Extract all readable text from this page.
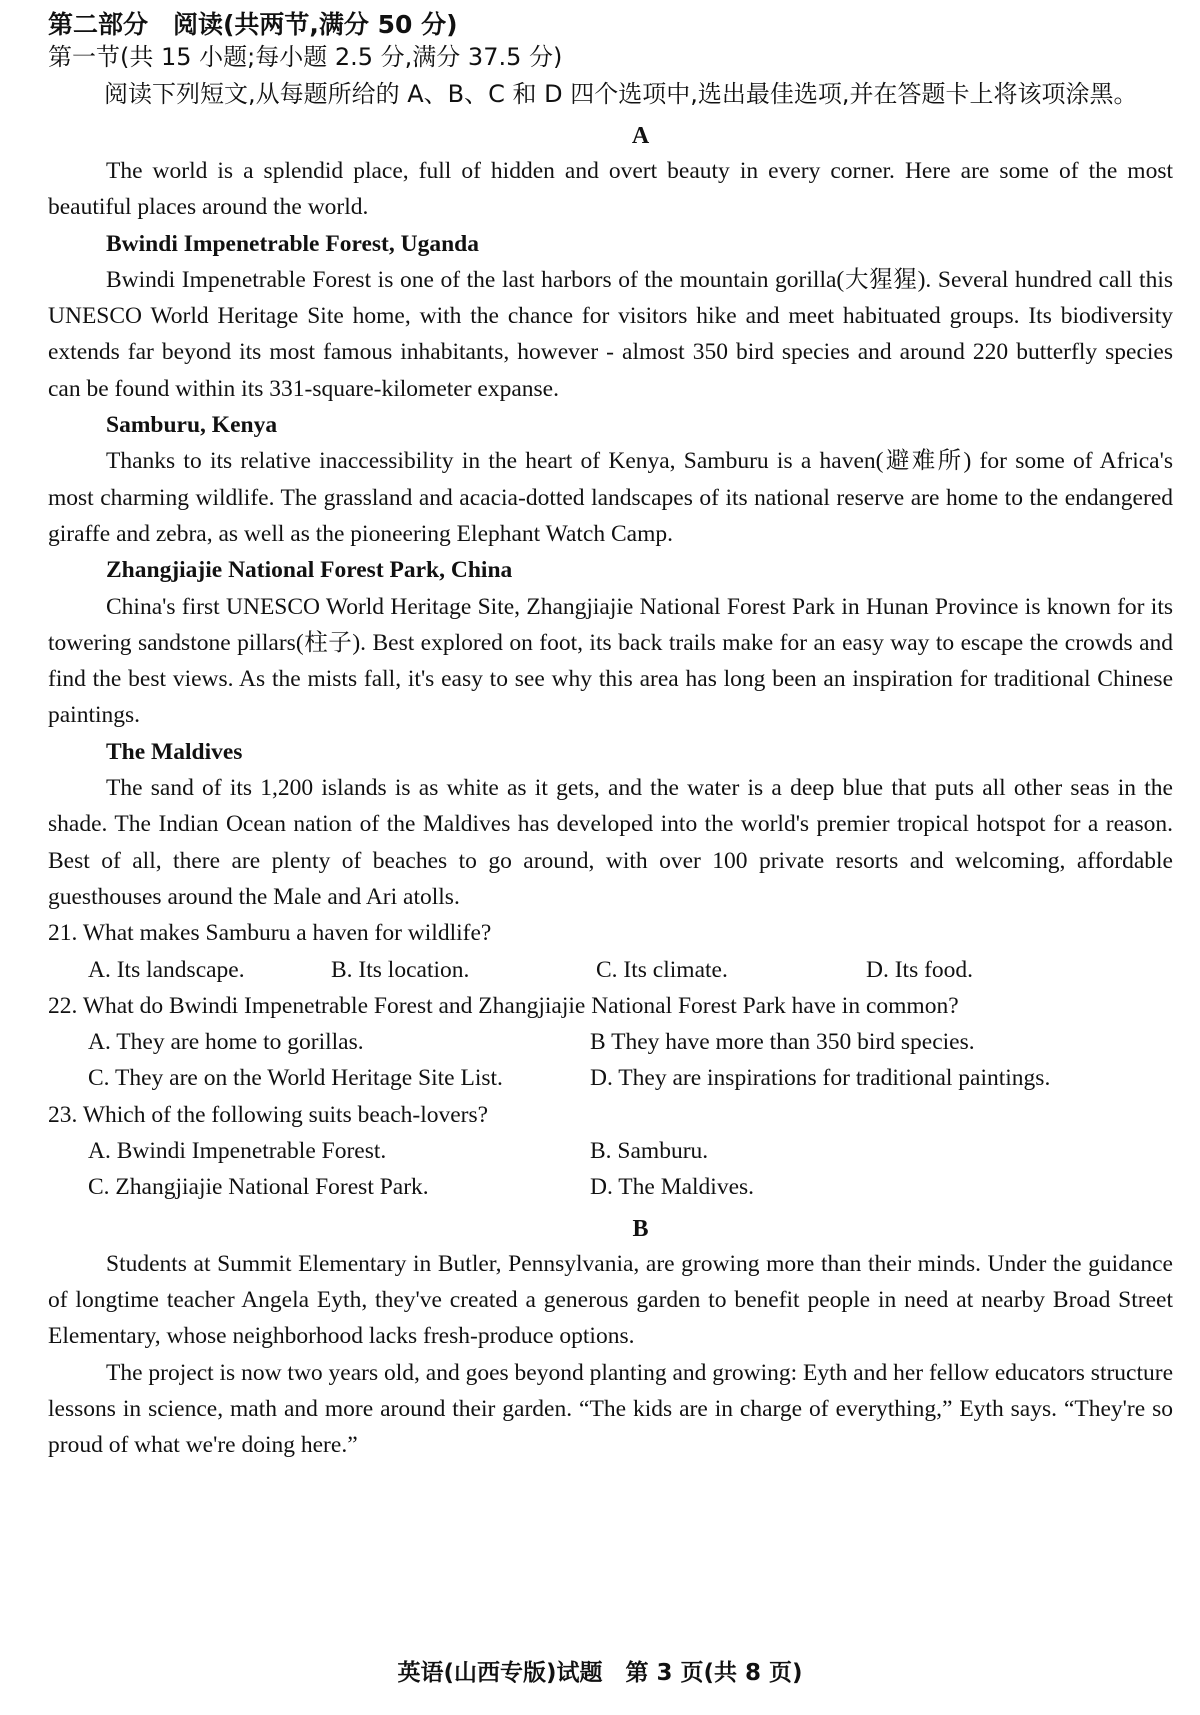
第二部分　阅读(共两节,满分 50 分)

第一节(共 15 小题;每小题 2.5 分,满分 37.5 分)

阅读下列短文,从每题所给的 A、B、C 和 D 四个选项中,选出最佳选项,并在答题卡上将该项涂黑。

A

The world is a splendid place, full of hidden and overt beauty in every corner. Here are some of the most beautiful places around the world.

Bwindi Impenetrable Forest, Uganda

Bwindi Impenetrable Forest is one of the last harbors of the mountain gorilla(大猩猩). Several hundred call this UNESCO World Heritage Site home, with the chance for visitors hike and meet habituated groups. Its biodiversity extends far beyond its most famous inhabitants, however - almost 350 bird species and around 220 butterfly species can be found within its 331-square-kilometer expanse.

Samburu, Kenya

Thanks to its relative inaccessibility in the heart of Kenya, Samburu is a haven(避难所) for some of Africa's most charming wildlife. The grassland and acacia-dotted landscapes of its national reserve are home to the endangered giraffe and zebra, as well as the pioneering Elephant Watch Camp.

Zhangjiajie National Forest Park, China

China's first UNESCO World Heritage Site, Zhangjiajie National Forest Park in Hunan Province is known for its towering sandstone pillars(柱子). Best explored on foot, its back trails make for an easy way to escape the crowds and find the best views. As the mists fall, it's easy to see why this area has long been an inspiration for traditional Chinese paintings.

The Maldives

The sand of its 1,200 islands is as white as it gets, and the water is a deep blue that puts all other seas in the shade. The Indian Ocean nation of the Maldives has developed into the world's premier tropical hotspot for a reason. Best of all, there are plenty of beaches to go around, with over 100 private resorts and welcoming, affordable guesthouses around the Male and Ari atolls.

21. What makes Samburu a haven for wildlife?

A. Its landscape.	B. Its location.	C. Its climate.	D. Its food.

22. What do Bwindi Impenetrable Forest and Zhangjiajie National Forest Park have in common?

A. They are home to gorillas.	B They have more than 350 bird species.
C. They are on the World Heritage Site List.	D. They are inspirations for traditional paintings.

23. Which of the following suits beach-lovers?

A. Bwindi Impenetrable Forest.	B. Samburu.
C. Zhangjiajie National Forest Park.	D. The Maldives.
B

Students at Summit Elementary in Butler, Pennsylvania, are growing more than their minds. Under the guidance of longtime teacher Angela Eyth, they've created a generous garden to benefit people in need at nearby Broad Street Elementary, whose neighborhood lacks fresh-produce options.

The project is now two years old, and goes beyond planting and growing: Eyth and her fellow educators structure lessons in science, math and more around their garden. “The kids are in charge of everything,” Eyth says. “They're so proud of what we're doing here.”

英语(山西专版)试题　第 3 页(共 8 页)
